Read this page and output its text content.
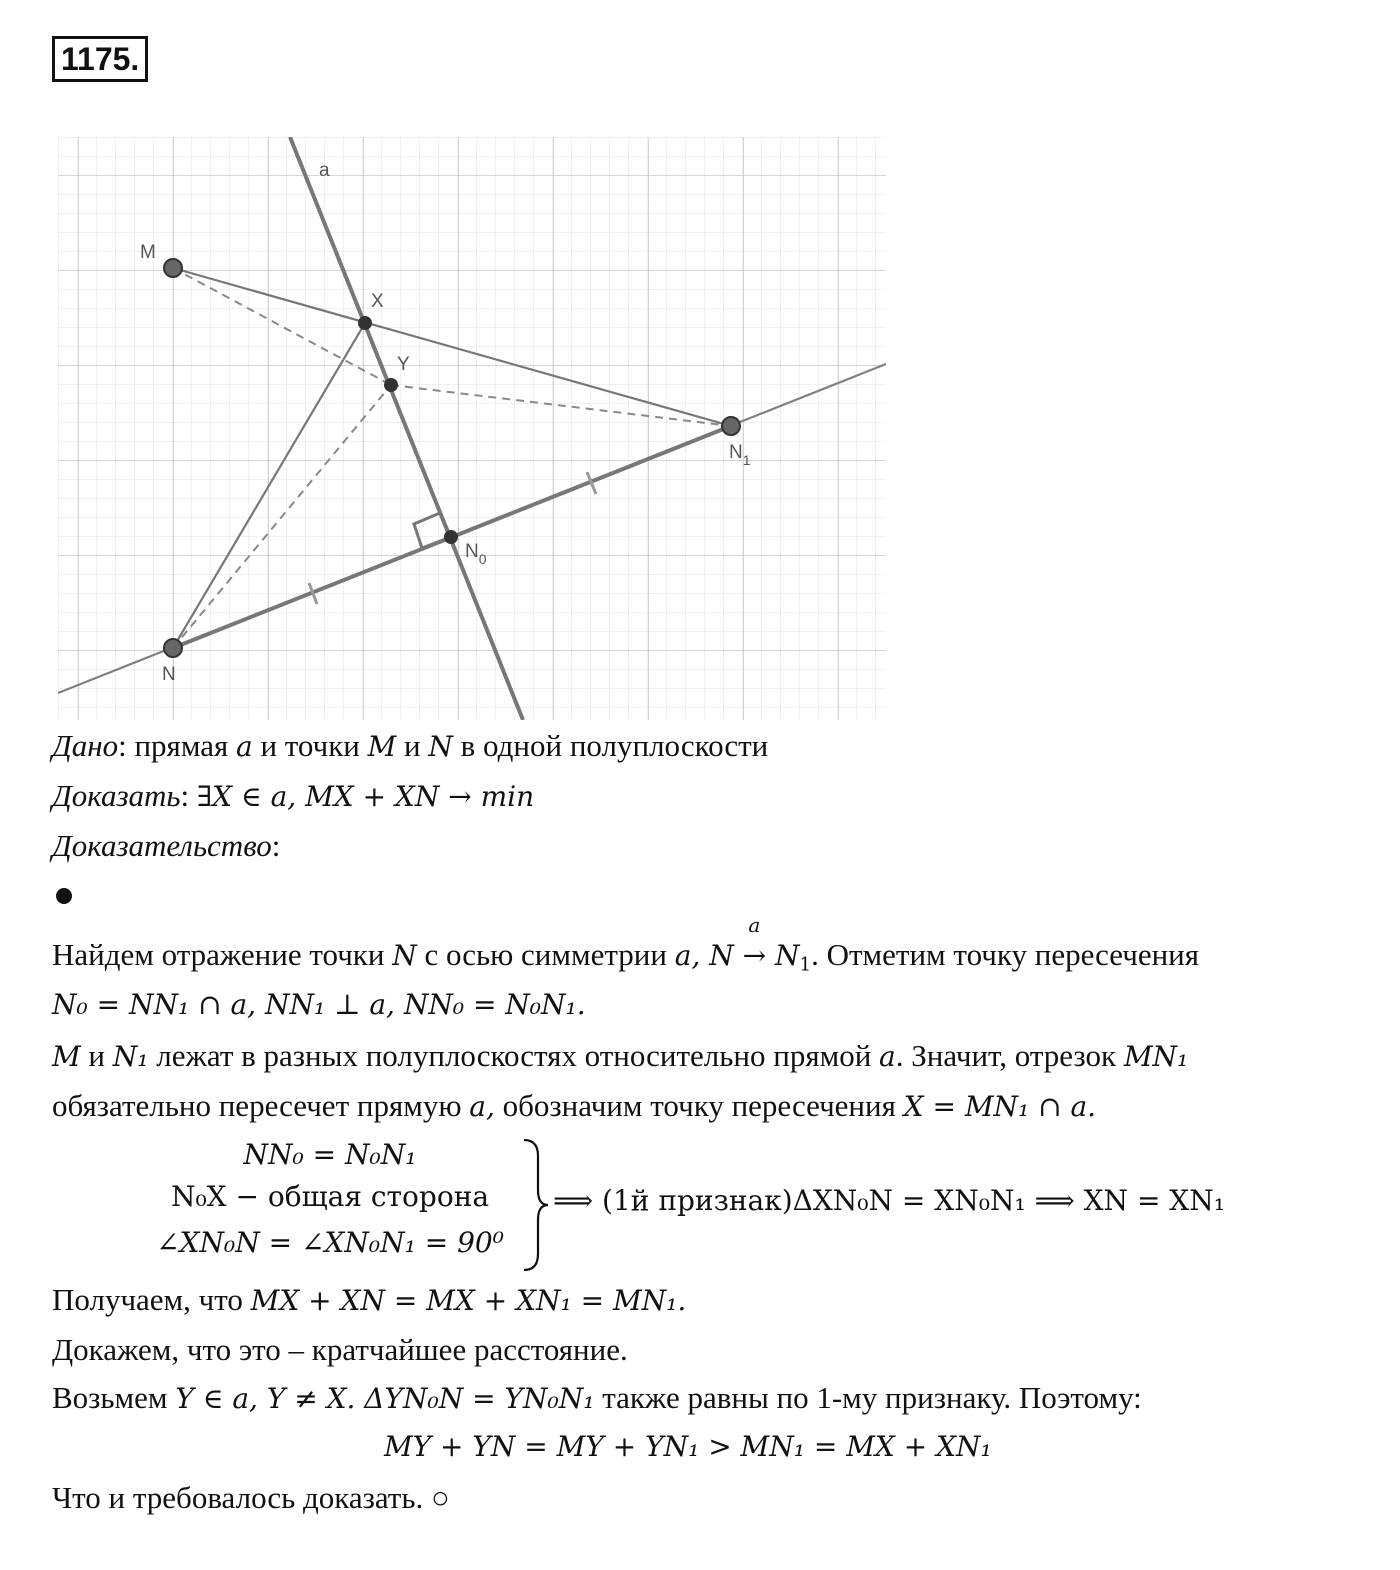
1175.
a
M
X
Y
$N_1$
$N_0$
N
Дано: прямая a и точки M и N в одной полуплоскости
Доказать: ∃X ∈ a, MX + XN → min
Доказательство:
Найдем отражение точки N с осью симметрии a, N
a
→ $N_1$. Отметим точку пересечения
N₀ = NN₁ ∩ a, NN₁ ⊥ a, NN₀ = N₀N₁.
M и N₁ лежат в разных полуплоскостях относительно прямой a. Значит, отрезок MN₁
обязательно пересечет прямую a, обозначим точку пересечения X = MN₁ ∩ a.
NN₀ = N₀N₁
N₀X − общая сторона
∠XN₀N = ∠XN₀N₁ = 90⁰
⟹ (1й признак)ΔXN₀N = XN₀N₁ ⟹ XN = XN₁
Получаем, что MX + XN = MX + XN₁ = MN₁.
Докажем, что это – кратчайшее расстояние.
Возьмем Y ∈ a, Y ≠ X. ΔYN₀N = YN₀N₁ также равны по 1-му признаку. Поэтому:
MY + YN = MY + YN₁ > MN₁ = MX + XN₁
Что и требовалось доказать. ○
